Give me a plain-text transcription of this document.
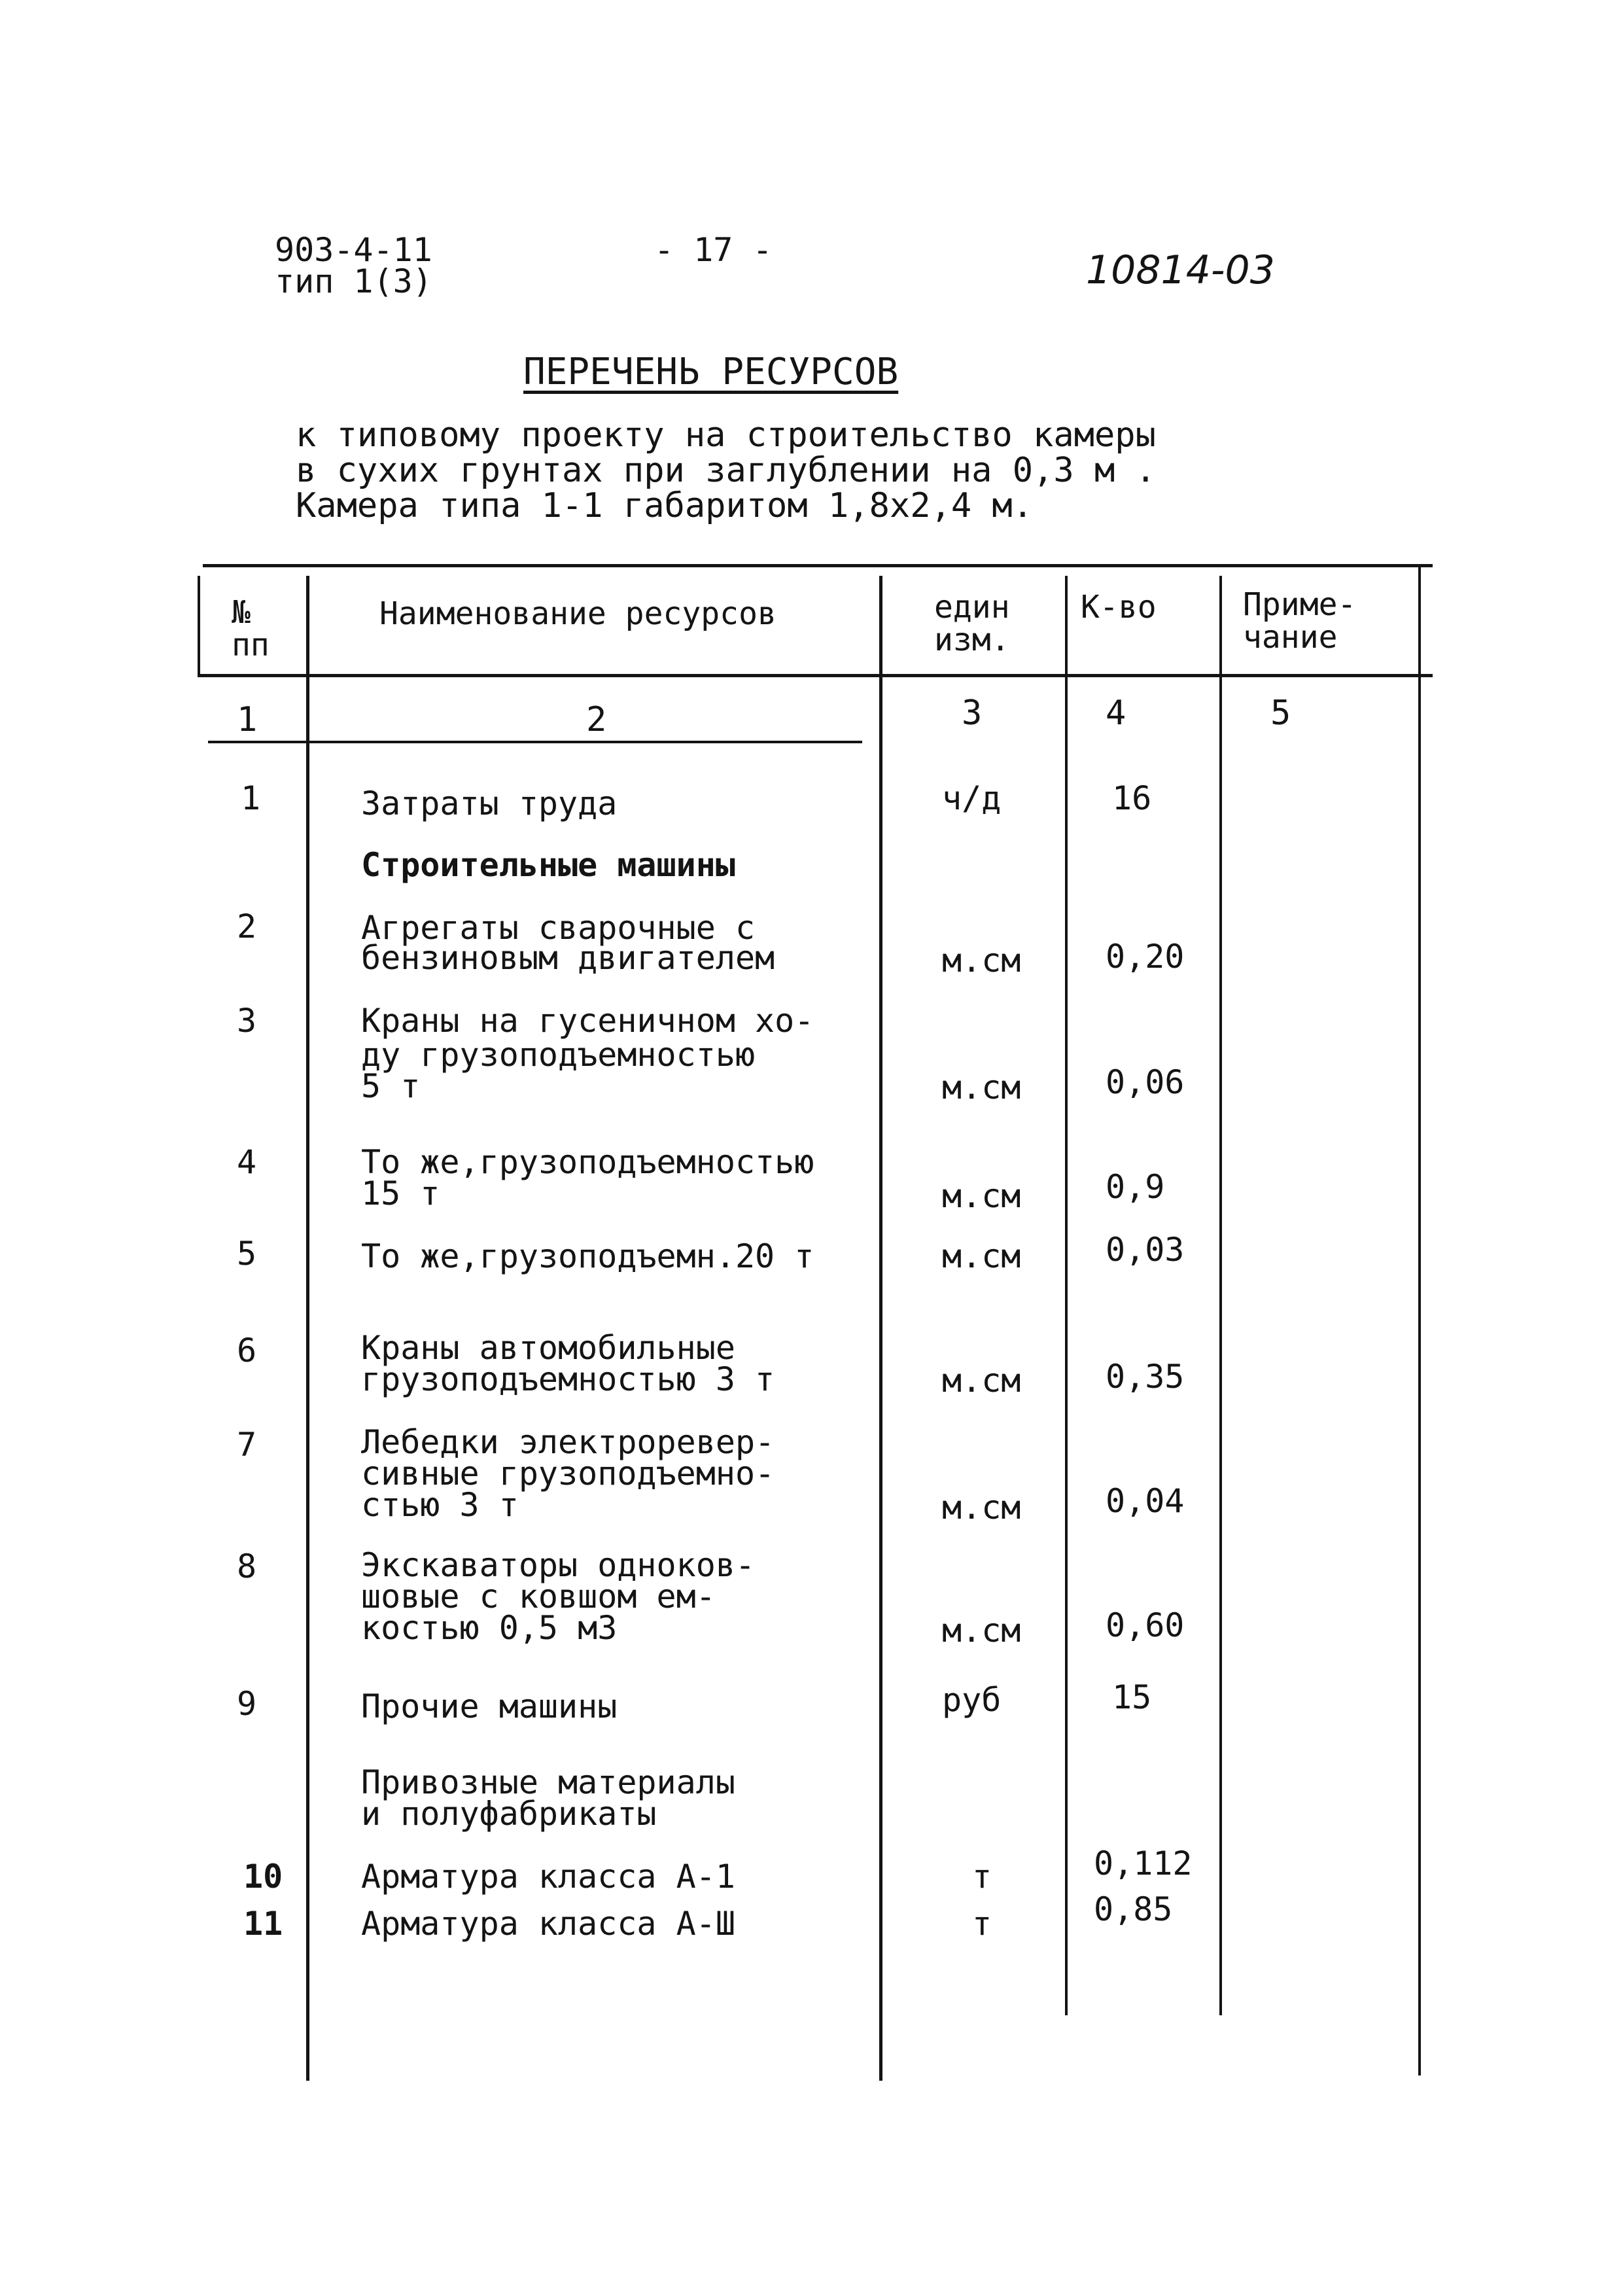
903-4-11
тип 1(3)
- 17 -	10814-03
ПЕРЕЧЕНЬ РЕСУРСОВ
к типовому проекту на строительство камеры
в сухих грунтах при заглублении на 0,3 м .
Камера типа 1-1 габаритом 1,8х2,4 м.
№
пп
Наименование ресурсов	един
изм.
К-во	Приме-
чание
1	2	3	4	5
1	Затраты труда	ч/д	16
Строительные машины
2	Агрегаты сварочные с
бензиновым двигателем	м.см	0,20
3	Краны на гусеничном хо-
ду грузоподъемностью
5 т	м.см	0,06
4	То же,грузоподъемностью
15 т	м.см	0,9
5	То же,грузоподъемн.20 т	м.см	0,03
6	Краны автомобильные
грузоподъемностью 3 т	м.см	0,35
7	Лебедки электроревер-
сивные грузоподъемно-
стью 3 т	м.см	0,04
8	Экскаваторы одноков-
шовые с ковшом ем-
костью 0,5 м3	м.см	0,60
9	Прочие машины	руб	15
Привозные материалы
и полуфабрикаты
10 Арматура класса А-1	т	0,112
11 Арматура класса А-Ш	т	0,85
